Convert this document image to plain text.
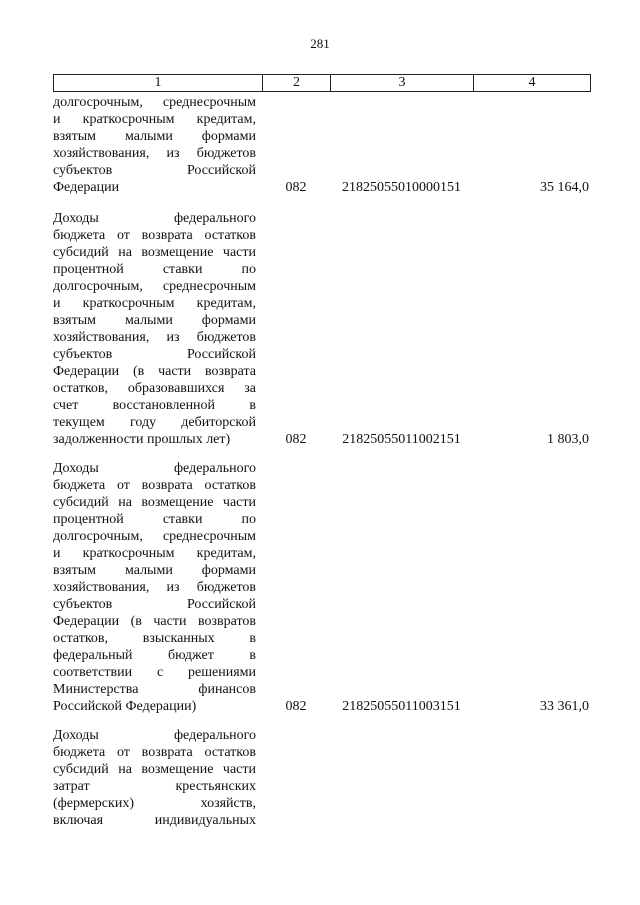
281
1	2	3	4
долгосрочным, среднесрочным
и краткосрочным кредитам,
взятым малыми формами
хозяйствования, из бюджетов
субъектов Российской
Федерации	082	21825055010000151	35 164,0
Доходы федерального
бюджета от возврата остатков
субсидий на возмещение части
процентной ставки по
долгосрочным, среднесрочным
и краткосрочным кредитам,
взятым малыми формами
хозяйствования, из бюджетов
субъектов Российской
Федерации (в части возврата
остатков, образовавшихся за
счет восстановленной в
текущем году дебиторской
задолженности прошлых лет)	082	21825055011002151	1 803,0
Доходы федерального
бюджета от возврата остатков
субсидий на возмещение части
процентной ставки по
долгосрочным, среднесрочным
и краткосрочным кредитам,
взятым малыми формами
хозяйствования, из бюджетов
субъектов Российской
Федерации (в части возвратов
остатков, взысканных в
федеральный бюджет в
соответствии с решениями
Министерства финансов
Российской Федерации)	082	21825055011003151	33 361,0
Доходы федерального
бюджета от возврата остатков
субсидий на возмещение части
затрат крестьянских
(фермерских) хозяйств,
включая индивидуальных
